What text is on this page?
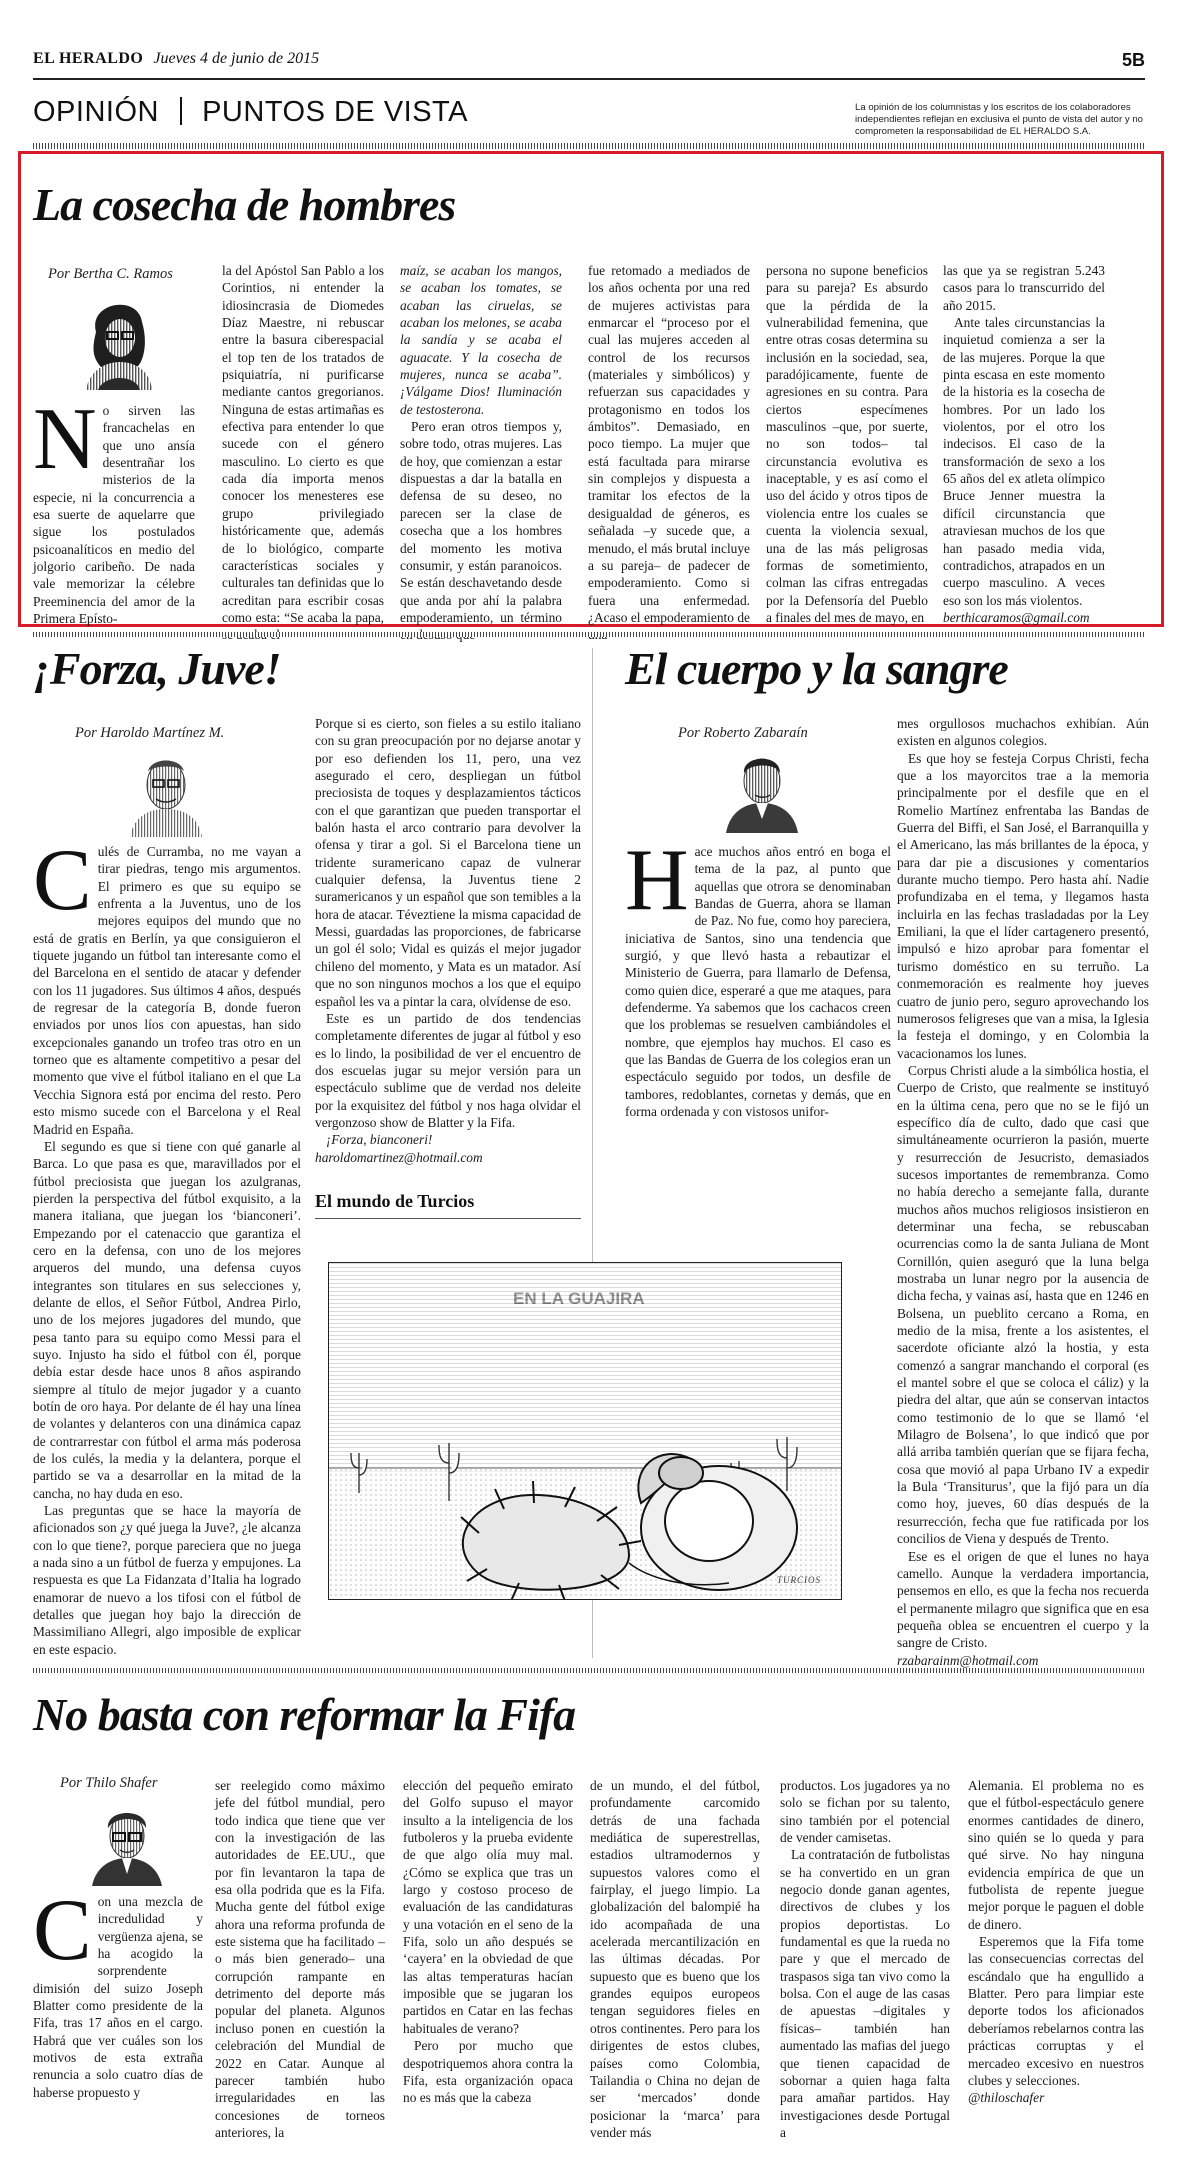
EL HERALDO Jueves 4 de junio de 2015	5B
OPINIÓN PUNTOS DE VISTA	La opinión de los columnistas y los escritos de los colaboradores independientes reflejan en exclusiva el punto de vista del autor y no comprometen la responsabilidad de EL HERALDO S.A.
La cosecha de hombres
Por Bertha C. Ramos

No sirven las francachelas en que uno ansía desentrañar los misterios de la especie, ni la concurrencia a esa suerte de aquelarre que sigue los postulados psicoanalíticos en medio del jolgorio caribeño. De nada vale memorizar la célebre Preeminencia del amor de la Primera Epísto-

la del Apóstol San Pablo a los Corintios, ni entender la idiosincrasia de Diomedes Díaz Maestre, ni rebuscar entre la basura ciberespacial el top ten de los tratados de psiquiatría, ni purificarse mediante cantos gregorianos. Ninguna de estas artimañas es efectiva para entender lo que sucede con el género masculino. Lo cierto es que cada día importa menos conocer los menesteres ese grupo privilegiado históricamente que, además de lo biológico, comparte características sociales y culturales tan definidas que lo acreditan para escribir cosas como esta: “Se acaba la papa,

maíz, se acaban los mangos, se acaban los tomates, se acaban las ciruelas, se acaban los melones, se acaba la sandía y se acaba el aguacate. Y la cosecha de mujeres, nunca se acaba”. ¡Válgame Dios! Iluminación de testosterona.

Pero eran otros tiempos y, sobre todo, otras mujeres. Las de hoy, que comienzan a estar dispuestas a dar la batalla en defensa de su deseo, no parecen ser la clase de cosecha que a los hombres del momento les motiva consumir, y están paranoicos. Se están deschavetando desde que anda por ahí la palabra empoderamiento, un término

fue retomado a mediados de los años ochenta por una red de mujeres activistas para enmarcar el “proceso por el cual las mujeres acceden al control de los recursos (materiales y simbólicos) y refuerzan sus capacidades y protagonismo en todos los ámbitos”. Demasiado, en poco tiempo. La mujer que está facultada para mirarse sin complejos y dispuesta a tramitar los efectos de la desigualdad de géneros, es señalada –y sucede que, a menudo, el más brutal incluye a su pareja– de padecer de empoderamiento. Como si fuera una enfermedad. ¿Acaso el empoderamiento de

persona no supone beneficios para su pareja? Es absurdo que la pérdida de la vulnerabilidad femenina, que entre otras cosas determina su inclusión en la sociedad, sea, paradójicamente, fuente de agresiones en su contra. Para ciertos especímenes masculinos –que, por suerte, no son todos– tal circunstancia evolutiva es inaceptable, y es así como el uso del ácido y otros tipos de violencia entre los cuales se cuenta la violencia sexual, una de las más peligrosas formas de sometimiento, colman las cifras entregadas por la Defensoría del Pueblo a finales del mes de mayo, en

las que ya se registran 5.243 casos para lo transcurrido del año 2015.

Ante tales circunstancias la inquietud comienza a ser la de las mujeres. Porque la que pinta escasa en este momento de la historia es la cosecha de hombres. Por un lado los violentos, por el otro los indecisos. El caso de la transformación de sexo a los 65 años del ex atleta olímpico Bruce Jenner muestra la difícil circunstancia que atraviesan muchos de los que han pasado media vida, contradichos, atrapados en un cuerpo masculino. A veces eso son los más violentos.

berthicaramos@gmail.com

¡Forza, Juve!
Por Haroldo Martínez M.

Culés de Curramba, no me vayan a tirar piedras, tengo mis argumentos. El primero es que su equipo se enfrenta a la Juventus, uno de los mejores equipos del mundo que no está de gratis en Berlín, ya que consiguieron el tiquete jugando un fútbol tan interesante como el del Barcelona en el sentido de atacar y defender con los 11 jugadores. Sus últimos 4 años, después de regresar de la categoría B, donde fueron enviados por unos líos con apuestas, han sido excepcionales ganando un trofeo tras otro en un torneo que es altamente competitivo a pesar del momento que vive el fútbol italiano en el que La Vecchia Signora está por encima del resto. Pero esto mismo sucede con el Barcelona y el Real Madrid en España.

El segundo es que si tiene con qué ganarle al Barca. Lo que pasa es que, maravillados por el fútbol preciosista que juegan los azulgranas, pierden la perspectiva del fútbol exquisito, a la manera italiana, que juegan los ‘bianconeri’. Empezando por el catenaccio que garantiza el cero en la defensa, con uno de los mejores arqueros del mundo, una defensa cuyos integrantes son titulares en sus selecciones y, delante de ellos, el Señor Fútbol, Andrea Pirlo, uno de los mejores jugadores del mundo, que pesa tanto para su equipo como Messi para el suyo. Injusto ha sido el fútbol con él, porque debía estar desde hace unos 8 años aspirando siempre al título de mejor jugador y a cuanto botín de oro haya. Por delante de él hay una línea de volantes y delanteros con una dinámica capaz de contrarrestar con fútbol el arma más poderosa de los culés, la media y la delantera, porque el partido se va a desarrollar en la mitad de la cancha, no hay duda en eso.

Las preguntas que se hace la mayoría de aficionados son ¿y qué juega la Juve?, ¿le alcanza con lo que tiene?, porque pareciera que no juega a nada sino a un fútbol de fuerza y empujones. La respuesta es que La Fidanzata d’Italia ha logrado enamorar de nuevo a los tifosi con el fútbol de detalles que juegan hoy bajo la dirección de Massimiliano Allegri, algo imposible de explicar en este espacio.

Porque si es cierto, son fieles a su estilo italiano con su gran preocupación por no dejarse anotar y por eso defienden los 11, pero, una vez asegurado el cero, despliegan un fútbol preciosista de toques y desplazamientos tácticos con el que garantizan que pueden transportar el balón hasta el arco contrario para devolver la ofensa y tirar a gol. Si el Barcelona tiene un tridente suramericano capaz de vulnerar cualquier defensa, la Juventus tiene 2 suramericanos y un español que son temibles a la hora de atacar. Téveztiene la misma capacidad de Messi, guardadas las proporciones, de fabricarse un gol él solo; Vidal es quizás el mejor jugador chileno del momento, y Mata es un matador. Así que no son ningunos mochos a los que el equipo español les va a pintar la cara, olvídense de eso.

Este es un partido de dos tendencias completamente diferentes de jugar al fútbol y eso es lo lindo, la posibilidad de ver el encuentro de dos escuelas jugar su mejor versión para un espectáculo sublime que de verdad nos deleite por la exquisitez del fútbol y nos haga olvidar el vergonzoso show de Blatter y la Fifa.

¡Forza, bianconeri!

haroldomartinez@hotmail.com

El mundo de Turcios
TURCIOS
El cuerpo y la sangre
Por Roberto Zabaraín

Hace muchos años entró en boga el tema de la paz, al punto que aquellas que otrora se denominaban Bandas de Guerra, ahora se llaman de Paz. No fue, como hoy pareciera, iniciativa de Santos, sino una tendencia que surgió, y que llevó hasta a rebautizar el Ministerio de Guerra, para llamarlo de Defensa, como quien dice, esperaré a que me ataques, para defenderme. Ya sabemos que los cachacos creen que los problemas se resuelven cambiándoles el nombre, que ejemplos hay muchos. El caso es que las Bandas de Guerra de los colegios eran un espectáculo seguido por todos, un desfile de tambores, redoblantes, cornetas y demás, que en forma ordenada y con vistosos unifor-

mes orgullosos muchachos exhibían. Aún existen en algunos colegios.

Es que hoy se festeja Corpus Christi, fecha que a los mayorcitos trae a la memoria principalmente por el desfile que en el Romelio Martínez enfrentaba las Bandas de Guerra del Biffi, el San José, el Barranquilla y el Americano, las más brillantes de la época, y para dar pie a discusiones y comentarios durante mucho tiempo. Pero hasta ahí. Nadie profundizaba en el tema, y llegamos hasta incluirla en las fechas trasladadas por la Ley Emiliani, la que el líder cartagenero presentó, impulsó e hizo aprobar para fomentar el turismo doméstico en su terruño. La conmemoración es realmente hoy jueves cuatro de junio pero, seguro aprovechando los numerosos feligreses que van a misa, la Iglesia la festeja el domingo, y en Colombia la vacacionamos los lunes.

Corpus Christi alude a la simbólica hostia, el Cuerpo de Cristo, que realmente se instituyó en la última cena, pero que no se le fijó un específico día de culto, dado que casi que simultáneamente ocurrieron la pasión, muerte y resurrección de Jesucristo, demasiados sucesos importantes de remembranza. Como no había derecho a semejante falla, durante muchos años muchos religiosos insistieron en determinar una fecha, se rebuscaban ocurrencias como la de santa Juliana de Mont Cornillón, quien aseguró que la luna belga mostraba un lunar negro por la ausencia de dicha fecha, y vainas así, hasta que en 1246 en Bolsena, un pueblito cercano a Roma, en medio de la misa, frente a los asistentes, el sacerdote oficiante alzó la hostia, y esta comenzó a sangrar manchando el corporal (es el mantel sobre el que se coloca el cáliz) y la piedra del altar, que aún se conservan intactos como testimonio de lo que se llamó ‘el Milagro de Bolsena’, lo que indicó que por allá arriba también querían que se fijara fecha, cosa que movió al papa Urbano IV a expedir la Bula ‘Transiturus’, que la fijó para un día como hoy, jueves, 60 días después de la resurrección, fecha que fue ratificada por los concilios de Viena y después de Trento.

Ese es el origen de que el lunes no haya camello. Aunque la verdadera importancia, pensemos en ello, es que la fecha nos recuerda el permanente milagro que significa que en esa pequeña oblea se encuentren el cuerpo y la sangre de Cristo.

rzabarainm@hotmail.com

No basta con reformar la Fifa
Por Thilo Shafer

Con una mezcla de incredulidad y vergüenza ajena, se ha acogido la sorprendente dimisión del suizo Joseph Blatter como presidente de la Fifa, tras 17 años en el cargo. Habrá que ver cuáles son los motivos de esta extraña renuncia a solo cuatro días de haberse propuesto y

ser reelegido como máximo jefe del fútbol mundial, pero todo indica que tiene que ver con la investigación de las autoridades de EE.UU., que por fin levantaron la tapa de esa olla podrida que es la Fifa. Mucha gente del fútbol exige ahora una reforma profunda de este sistema que ha facilitado –o más bien generado– una corrupción rampante en detrimento del deporte más popular del planeta. Algunos incluso ponen en cuestión la celebración del Mundial de 2022 en Catar. Aunque al parecer también hubo irregularidades en las concesiones de torneos anteriores, la

elección del pequeño emirato del Golfo supuso el mayor insulto a la inteligencia de los futboleros y la prueba evidente de que algo olía muy mal. ¿Cómo se explica que tras un largo y costoso proceso de evaluación de las candidaturas y una votación en el seno de la Fifa, solo un año después se ‘cayera’ en la obviedad de que las altas temperaturas hacían imposible que se jugaran los partidos en Catar en las fechas habituales de verano?

Pero por mucho que despotriquemos ahora contra la Fifa, esta organización opaca no es más que la cabeza

de un mundo, el del fútbol, profundamente carcomido detrás de una fachada mediática de superestrellas, estadios ultramodernos y supuestos valores como el fairplay, el juego limpio. La globalización del balompié ha ido acompañada de una acelerada mercantilización en las últimas décadas. Por supuesto que es bueno que los grandes equipos europeos tengan seguidores fieles en otros continentes. Pero para los dirigentes de estos clubes, países como Colombia, Tailandia o China no dejan de ser ‘mercados’ donde posicionar la ‘marca’ para vender más

productos. Los jugadores ya no solo se fichan por su talento, sino también por el potencial de vender camisetas.

La contratación de futbolistas se ha convertido en un gran negocio donde ganan agentes, directivos de clubes y los propios deportistas. Lo fundamental es que la rueda no pare y que el mercado de traspasos siga tan vivo como la bolsa. Con el auge de las casas de apuestas –digitales y físicas– también han aumentado las mafias del juego que tienen capacidad de sobornar a quien haga falta para amañar partidos. Hay investigaciones desde Portugal a

Alemania. El problema no es que el fútbol-espectáculo genere enormes cantidades de dinero, sino quién se lo queda y para qué sirve. No hay ninguna evidencia empírica de que un futbolista de repente juegue mejor porque le paguen el doble de dinero.

Esperemos que la Fifa tome las consecuencias correctas del escándalo que ha engullido a Blatter. Pero para limpiar este deporte todos los aficionados deberíamos rebelarnos contra las prácticas corruptas y el mercadeo excesivo en nuestros clubes y selecciones.

@thiloschafer
